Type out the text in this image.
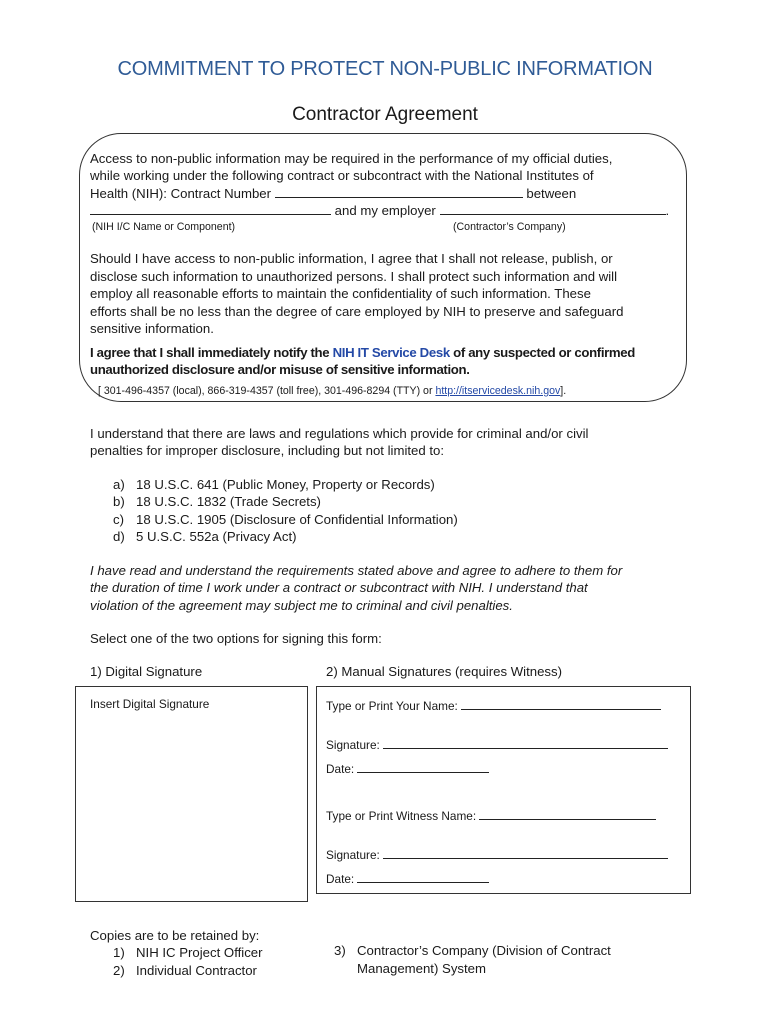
COMMITMENT TO PROTECT NON-PUBLIC INFORMATION
Contractor Agreement
Access to non-public information may be required in the performance of my official duties,
while working under the following contract or subcontract with the National Institutes of
Health (NIH): Contract Number	between
and my employer	.
(NIH I/C Name or Component)	(Contractor’s Company)
Should I have access to non-public information, I agree that I shall not release, publish, or
disclose such information to unauthorized persons. I shall protect such information and will
employ all reasonable efforts to maintain the confidentiality of such information. These
efforts shall be no less than the degree of care employed by NIH to preserve and safeguard
sensitive information.
I agree that I shall immediately notify the NIH IT Service Desk of any suspected or confirmed
unauthorized disclosure and/or misuse of sensitive information.
[ 301-496-4357 (local), 866-319-4357 (toll free), 301-496-8294 (TTY) or http://itservicedesk.nih.gov].
I understand that there are laws and regulations which provide for criminal and/or civil
penalties for improper disclosure, including but not limited to:
a) 18 U.S.C. 641 (Public Money, Property or Records)
b) 18 U.S.C. 1832 (Trade Secrets)
c) 18 U.S.C. 1905 (Disclosure of Confidential Information)
d) 5 U.S.C. 552a (Privacy Act)
I have read and understand the requirements stated above and agree to adhere to them for
the duration of time I work under a contract or subcontract with NIH. I understand that
violation of the agreement may subject me to criminal and civil penalties.
Select one of the two options for signing this form:
1) Digital Signature	2) Manual Signatures (requires Witness)
Insert Digital Signature	Type or Print Your Name:
Signature:
Date:
Type or Print Witness Name:
Signature:
Date:
Copies are to be retained by:
1) NIH IC Project Officer
2) Individual Contractor
3) Contractor’s Company (Division of Contract
Management) System
